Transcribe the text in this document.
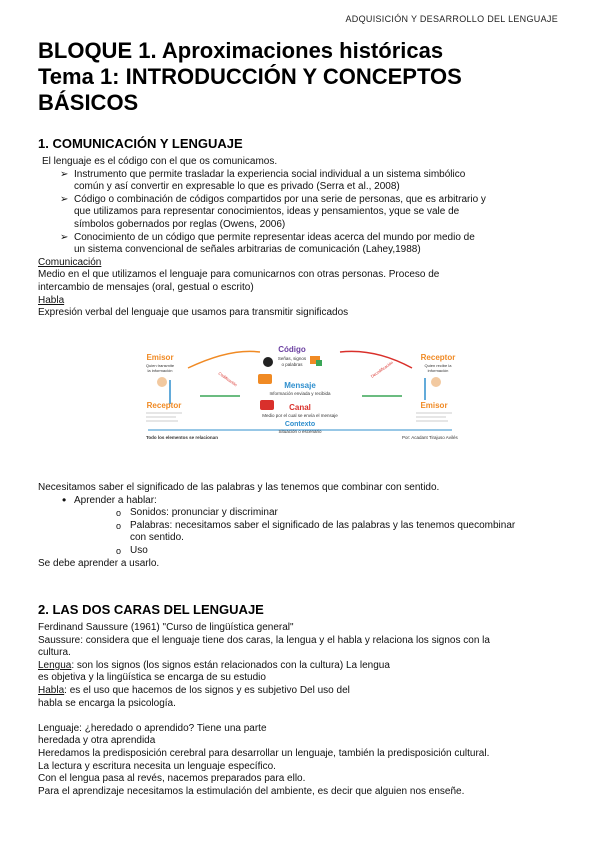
ADQUISICIÓN Y DESARROLLO DEL LENGUAJE
BLOQUE 1. Aproximaciones históricas
Tema 1: INTRODUCCIÓN Y CONCEPTOS
BÁSICOS
1. COMUNICACIÓN Y LENGUAJE
El lenguaje es el código con el que os comunicamos.
➢ Instrumento que permite trasladar la experiencia social individual a un sistema simbólico
común y así convertir en expresable lo que es privado (Serra et al., 2008)
➢ Código o combinación de códigos compartidos por una serie de personas, que es arbitrario y
que utilizamos para representar conocimientos, ideas y pensamientos, yque se vale de
símbolos gobernados por reglas (Owens, 2006)
➢ Conocimiento de un código que permite representar ideas acerca del mundo por medio de
un sistema convencional de señales arbitrarias de comunicación (Lahey,1988)
Comunicación
Medio en el que utilizamos el lenguaje para comunicarnos con otras personas. Proceso de
intercambio de mensajes (oral, gestual o escrito)
Habla
Expresión verbal del lenguaje que usamos para transmitir significados
Código
Señas, signos
o palabras
Emisor
Quien transmite
la información
Receptor
Quien recibe la
información
Codificación
Decodificación
Mensaje
Información enviada y recibida
Receptor	Emisor
Canal
Medio por el cual se envía el mensaje
Contexto
Situación o escenario
Todo los elementos se relacionan	Por: Acadant Tirajuso Avilés
Necesitamos saber el significado de las palabras y las tenemos que combinar con sentido.
• Aprender a hablar:
o Sonidos: pronunciar y discriminar
o Palabras: necesitamos saber el significado de las palabras y las tenemos quecombinar
con sentido.
o Uso
Se debe aprender a usarlo.
2. LAS DOS CARAS DEL LENGUAJE
Ferdinand Saussure (1961) "Curso de lingüística general"
Saussure: considera que el lenguaje tiene dos caras, la lengua y el habla y relaciona los signos con la
cultura.
Lengua: son los signos (los signos están relacionados con la cultura) La lengua
es objetiva y la lingüística se encarga de su estudio
Habla: es el uso que hacemos de los signos y es subjetivo Del uso del
habla se encarga la psicología.
Lenguaje: ¿heredado o aprendido? Tiene una parte
heredada y otra aprendida
Heredamos la predisposición cerebral para desarrollar un lenguaje, también la predisposición cultural.
La lectura y escritura necesita un lenguaje específico.
Con el lengua pasa al revés, nacemos preparados para ello.
Para el aprendizaje necesitamos la estimulación del ambiente, es decir que alguien nos enseñe.
